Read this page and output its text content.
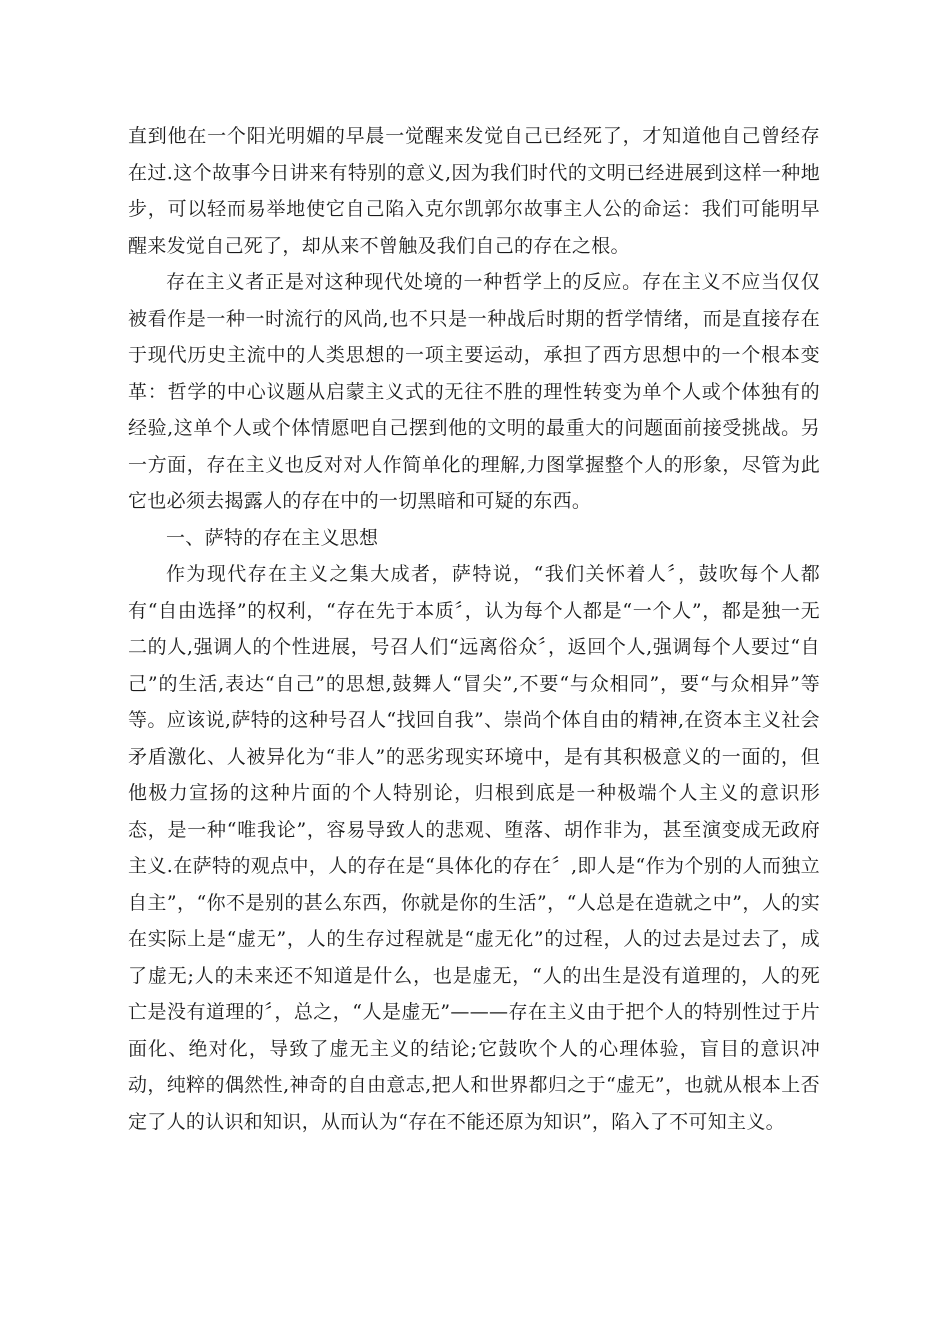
直到他在一个阳光明媚的早晨一觉醒来发觉自己已经死了，才知道他自己曾经存在过.这个故事今日讲来有特别的意义,因为我们时代的文明已经进展到这样一种地步，可以轻而易举地使它自己陷入克尔凯郭尔故事主人公的命运：我们可能明早醒来发觉自己死了，却从来不曾触及我们自己的存在之根。

存在主义者正是对这种现代处境的一种哲学上的反应。存在主义不应当仅仅被看作是一种一时流行的风尚,也不只是一种战后时期的哲学情绪，而是直接存在于现代历史主流中的人类思想的一项主要运动，承担了西方思想中的一个根本变革：哲学的中心议题从启蒙主义式的无往不胜的理性转变为单个人或个体独有的经验,这单个人或个体情愿吧自己摆到他的文明的最重大的问题面前接受挑战。另一方面，存在主义也反对对人作简单化的理解,力图掌握整个人的形象，尽管为此它也必须去揭露人的存在中的一切黑暗和可疑的东西。

一、萨特的存在主义思想

作为现代存在主义之集大成者，萨特说，“我们关怀着人〞，鼓吹每个人都有“自由选择”的权利，“存在先于本质〞，认为每个人都是“一个人”，都是独一无二的人,强调人的个性进展，号召人们“远离俗众〞，返回个人,强调每个人要过“自己”的生活,表达“自己”的思想,鼓舞人“冒尖”,不要“与众相同”，要“与众相异”等等。应该说,萨特的这种号召人“找回自我”、崇尚个体自由的精神,在资本主义社会矛盾激化、人被异化为“非人”的恶劣现实环境中，是有其积极意义的一面的，但他极力宣扬的这种片面的个人特别论，归根到底是一种极端个人主义的意识形态，是一种“唯我论”，容易导致人的悲观、堕落、胡作非为，甚至演变成无政府主义.在萨特的观点中，人的存在是“具体化的存在〞,即人是“作为个别的人而独立自主”，“你不是别的甚么东西，你就是你的生活”，“人总是在造就之中”，人的实在实际上是“虚无”，人的生存过程就是“虚无化”的过程，人的过去是过去了，成了虚无;人的未来还不知道是什么，也是虚无，“人的出生是没有道理的，人的死亡是没有道理的〞，总之，“人是虚无”———存在主义由于把个人的特别性过于片面化、绝对化，导致了虚无主义的结论;它鼓吹个人的心理体验，盲目的意识冲动，纯粹的偶然性,神奇的自由意志,把人和世界都归之于“虚无”，也就从根本上否定了人的认识和知识，从而认为“存在不能还原为知识”，陷入了不可知主义。
